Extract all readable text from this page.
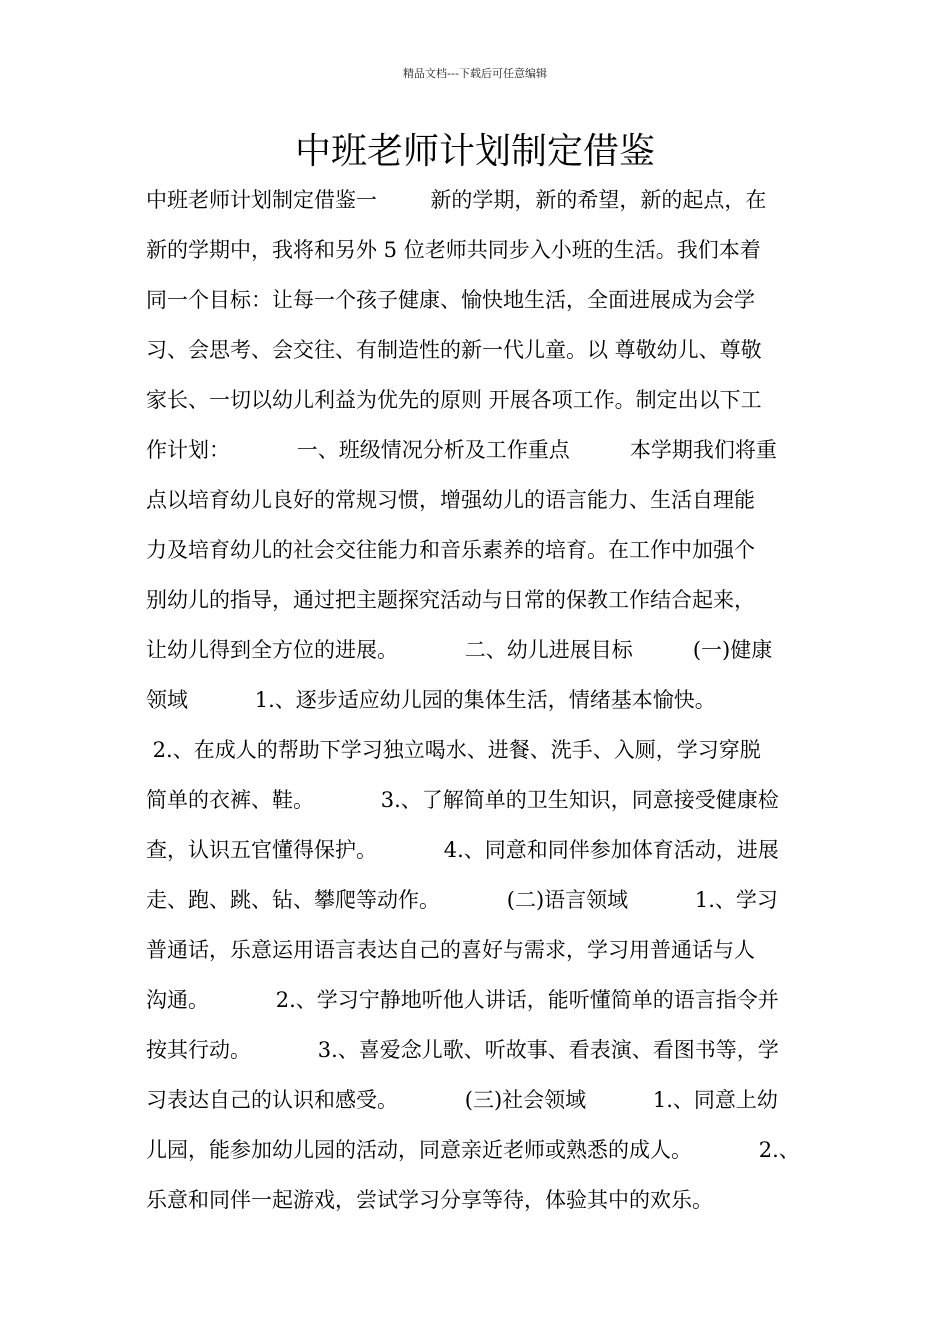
精品文档---下载后可任意编辑
中班老师计划制定借鉴
中班老师计划制定借鉴一        新的学期，新的希望，新的起点，在
新的学期中，我将和另外 5 位老师共同步入小班的生活。我们本着
同一个目标：让每一个孩子健康、愉快地生活，全面进展成为会学
习、会思考、会交往、有制造性的新一代儿童。以 尊敬幼儿、尊敬
家长、一切以幼儿利益为优先的原则 开展各项工作。制定出以下工
作计划：          一、班级情况分析及工作重点         本学期我们将重
点以培育幼儿良好的常规习惯，增强幼儿的语言能力、生活自理能
力及培育幼儿的社会交往能力和音乐素养的培育。在工作中加强个
别幼儿的指导，通过把主题探究活动与日常的保教工作结合起来，
让幼儿得到全方位的进展。          二、幼儿进展目标         (一)健康
领域          1.、逐步适应幼儿园的集体生活，情绪基本愉快。
2.、在成人的帮助下学习独立喝水、进餐、洗手、入厕，学习穿脱
简单的衣裤、鞋。          3.、了解简单的卫生知识，同意接受健康检
查，认识五官懂得保护。          4.、同意和同伴参加体育活动，进展
走、跑、跳、钻、攀爬等动作。          (二)语言领域          1.、学习
普通话，乐意运用语言表达自己的喜好与需求，学习用普通话与人
沟通。          2.、学习宁静地听他人讲话，能听懂简单的语言指令并
按其行动。          3.、喜爱念儿歌、听故事、看表演、看图书等，学
习表达自己的认识和感受。          (三)社会领域          1.、同意上幼
儿园，能参加幼儿园的活动，同意亲近老师或熟悉的成人。          2.、
乐意和同伴一起游戏，尝试学习分享等待，体验其中的欢乐。
